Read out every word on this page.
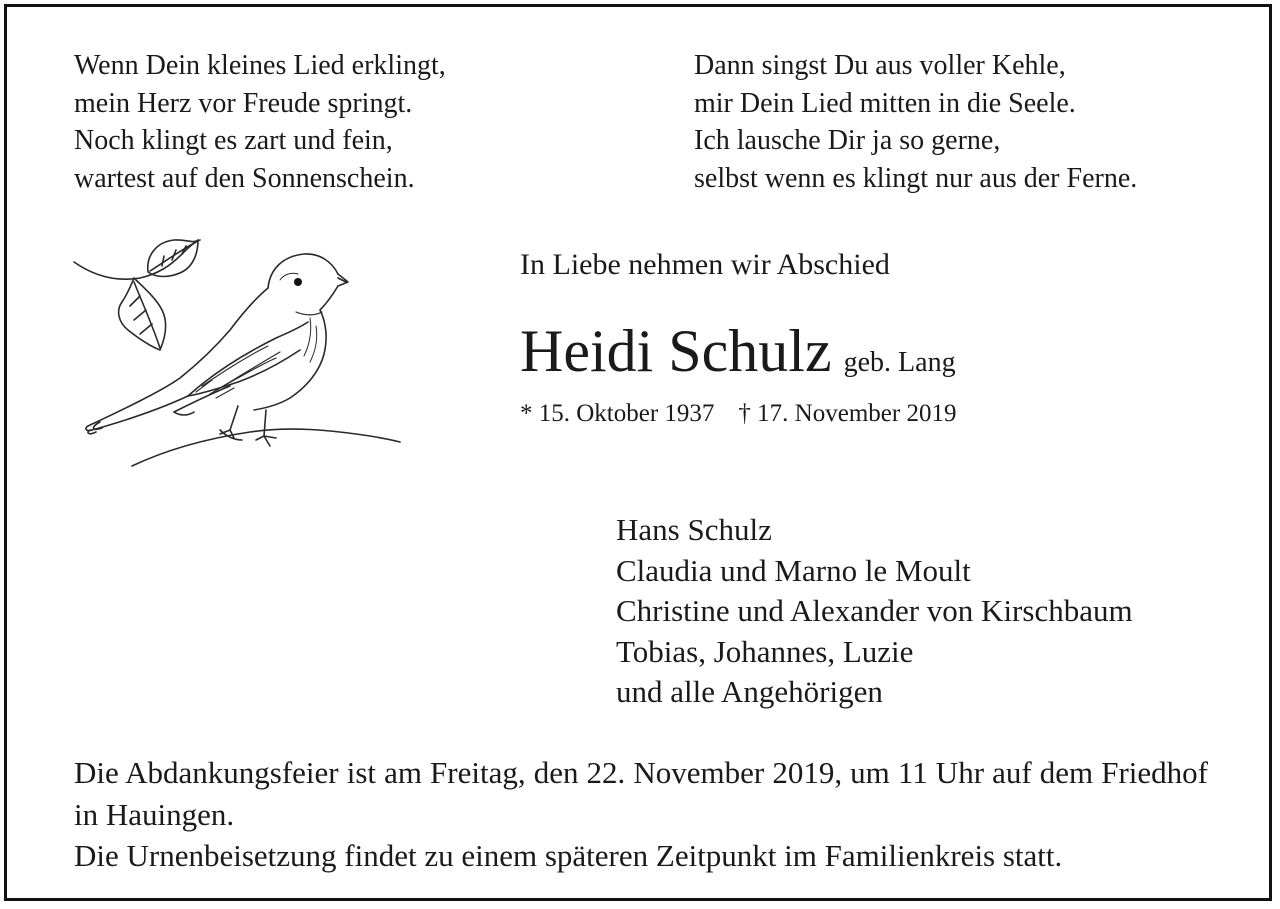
Wenn Dein kleines Lied erklingt,
mein Herz vor Freude springt.
Noch klingt es zart und fein,
wartest auf den Sonnenschein.
Dann singst Du aus voller Kehle,
mir Dein Lied mitten in die Seele.
Ich lausche Dir ja so gerne,
selbst wenn es klingt nur aus der Ferne.
In Liebe nehmen wir Abschied
Heidi Schulz geb. Lang
* 15. Oktober 1937 † 17. November 2019
Hans Schulz
Claudia und Marno le Moult
Christine und Alexander von Kirschbaum
Tobias, Johannes, Luzie
und alle Angehörigen
Die Abdankungsfeier ist am Freitag, den 22. November 2019, um 11 Uhr auf dem Friedhof in Hauingen.
Die Urnenbeisetzung findet zu einem späteren Zeitpunkt im Familienkreis statt.
